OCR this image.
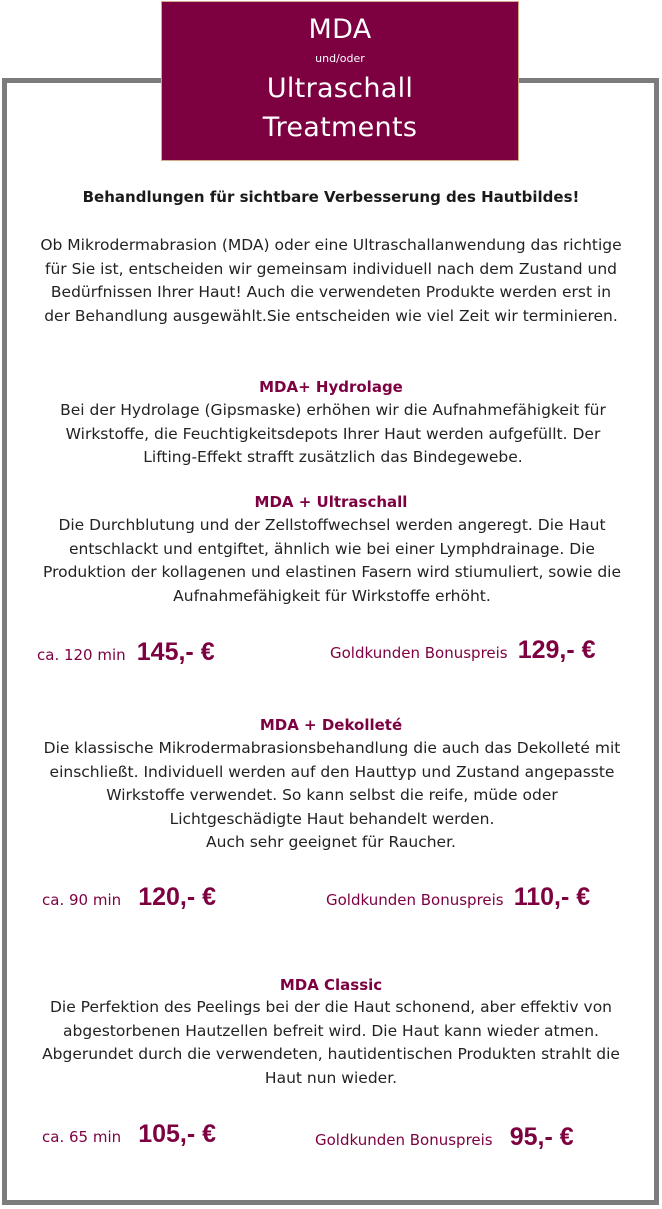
MDA
und/oder
Ultraschall
Treatments
Behandlungen für sichtbare Verbesserung des Hautbildes!
Ob Mikrodermabrasion (MDA) oder eine Ultraschallanwendung das richtige für Sie ist, entscheiden wir gemeinsam individuell nach dem Zustand und Bedürfnissen Ihrer Haut! Auch die verwendeten Produkte werden erst in der Behandlung ausgewählt.Sie entscheiden wie viel Zeit wir terminieren.
MDA+ Hydrolage
Bei der Hydrolage (Gipsmaske) erhöhen wir die Aufnahmefähigkeit für Wirkstoffe, die Feuchtigkeitsdepots Ihrer Haut werden aufgefüllt. Der Lifting-Effekt strafft zusätzlich das Bindegewebe.
MDA + Ultraschall
Die Durchblutung und der Zellstoffwechsel werden angeregt. Die Haut entschlackt und entgiftet, ähnlich wie bei einer Lymphdrainage. Die Produktion der kollagenen und elastinen Fasern wird stiumuliert, sowie die Aufnahmefähigkeit für Wirkstoffe erhöht.
ca. 120 min 145,- €	Goldkunden Bonuspreis 129,- €
MDA + Dekolleté
Die klassische Mikrodermabrasionsbehandlung die auch das Dekolleté mit einschließt. Individuell werden auf den Hauttyp und Zustand angepasste Wirkstoffe verwendet. So kann selbst die reife, müde oder Lichtgeschädigte Haut behandelt werden.
Auch sehr geeignet für Raucher.
ca. 90 min 120,- €	Goldkunden Bonuspreis 110,- €
MDA Classic
Die Perfektion des Peelings bei der die Haut schonend, aber effektiv von abgestorbenen Hautzellen befreit wird. Die Haut kann wieder atmen. Abgerundet durch die verwendeten, hautidentischen Produkten strahlt die Haut nun wieder.
ca. 65 min 105,- €	Goldkunden Bonuspreis 95,- €
